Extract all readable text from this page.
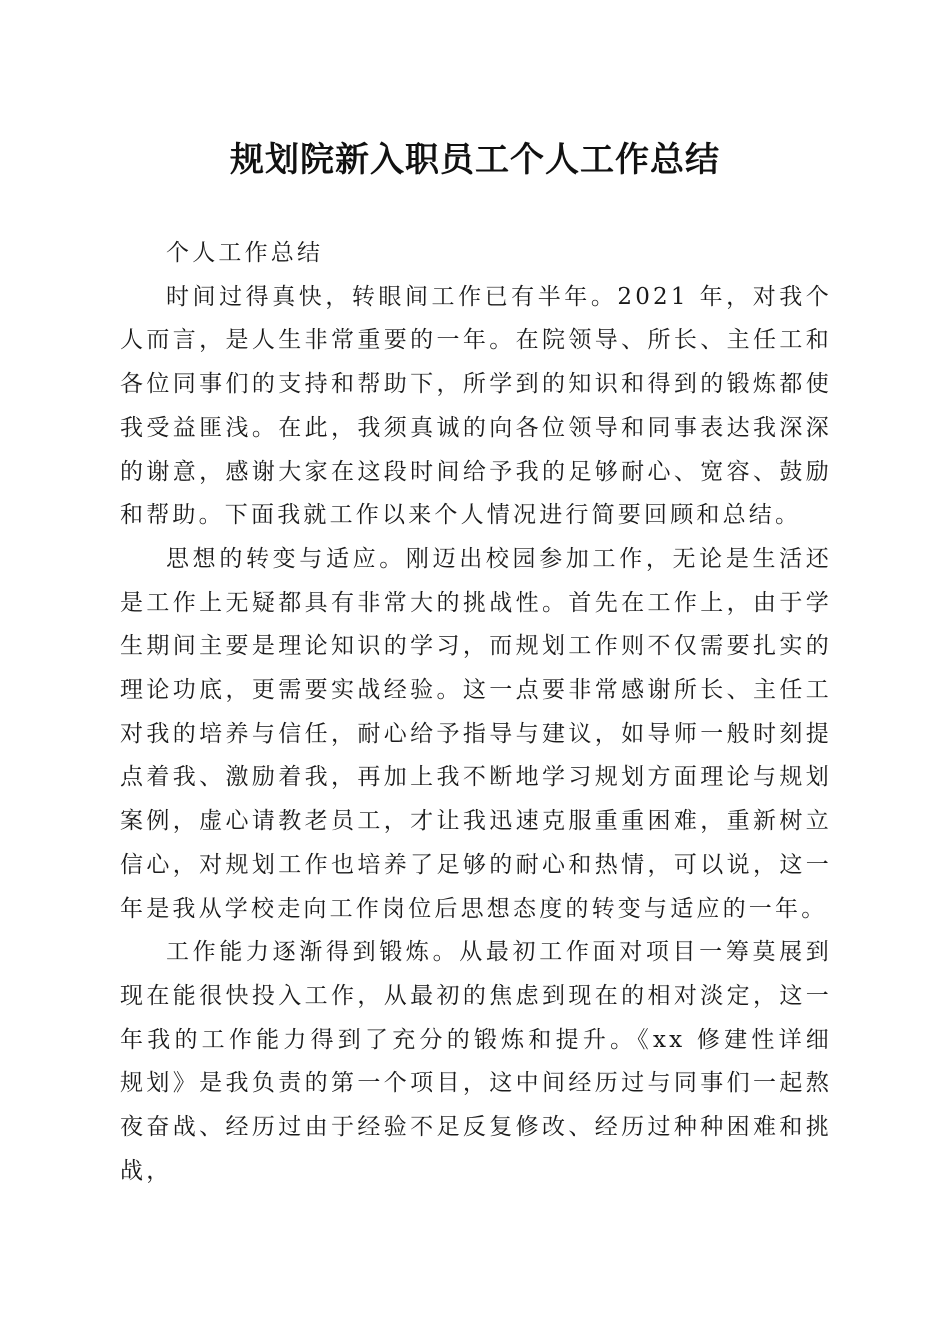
规划院新入职员工个人工作总结

个人工作总结

时间过得真快，转眼间工作已有半年。2021 年，对我个人而言，是人生非常重要的一年。在院领导、所长、主任工和各位同事们的支持和帮助下，所学到的知识和得到的锻炼都使我受益匪浅。在此，我须真诚的向各位领导和同事表达我深深的谢意，感谢大家在这段时间给予我的足够耐心、宽容、鼓励和帮助。下面我就工作以来个人情况进行简要回顾和总结。

思想的转变与适应。刚迈出校园参加工作，无论是生活还是工作上无疑都具有非常大的挑战性。首先在工作上，由于学生期间主要是理论知识的学习，而规划工作则不仅需要扎实的理论功底，更需要实战经验。这一点要非常感谢所长、主任工对我的培养与信任，耐心给予指导与建议，如导师一般时刻提点着我、激励着我，再加上我不断地学习规划方面理论与规划案例，虚心请教老员工，才让我迅速克服重重困难，重新树立信心，对规划工作也培养了足够的耐心和热情，可以说，这一年是我从学校走向工作岗位后思想态度的转变与适应的一年。

工作能力逐渐得到锻炼。从最初工作面对项目一筹莫展到现在能很快投入工作，从最初的焦虑到现在的相对淡定，这一年我的工作能力得到了充分的锻炼和提升。《xx 修建性详细规划》是我负责的第一个项目，这中间经历过与同事们一起熬夜奋战、经历过由于经验不足反复修改、经历过种种困难和挑战，
